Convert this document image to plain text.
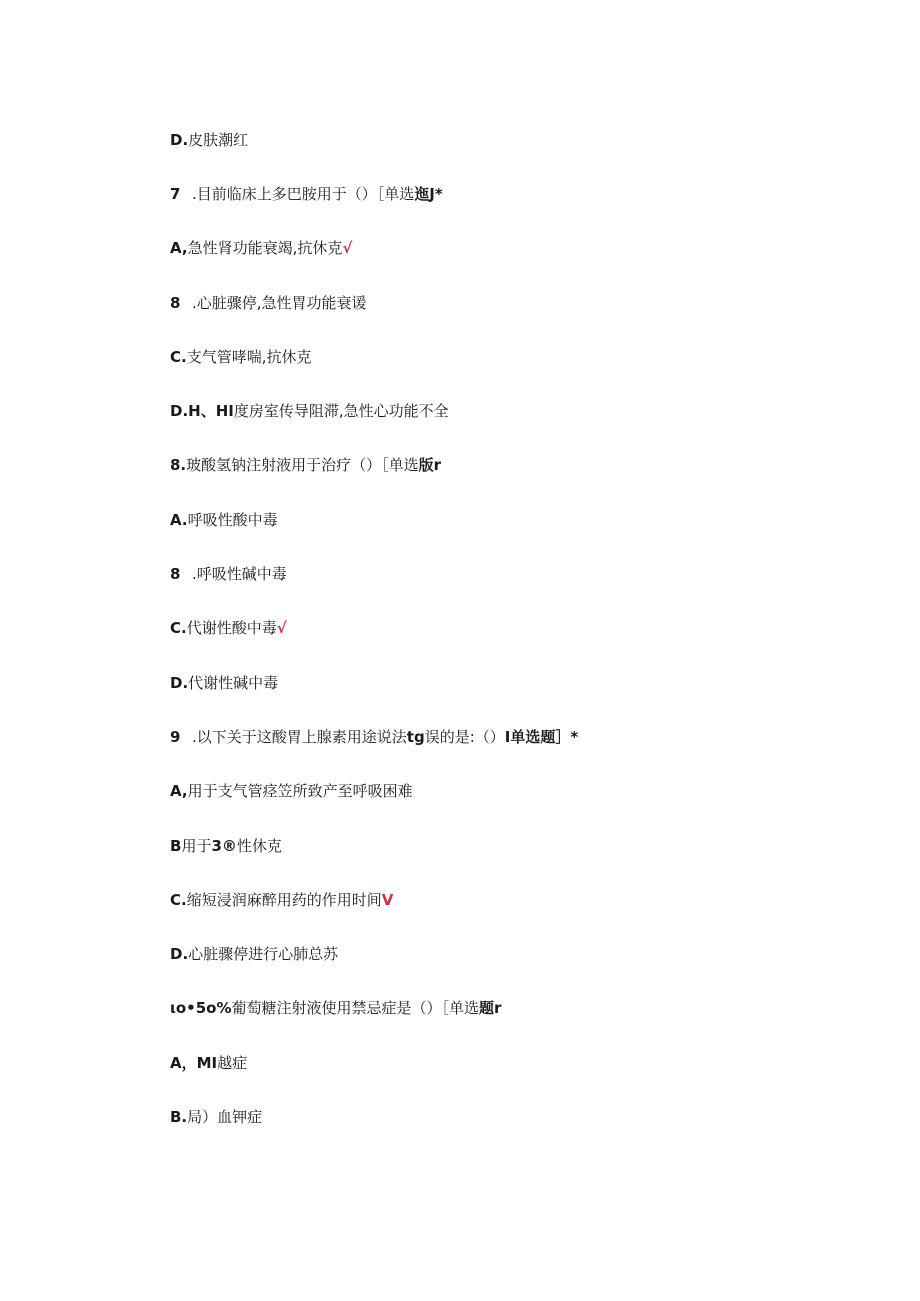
D.皮肤潮红
7 .目前临床上多巴胺用于（）［单选迤J*
A,急性肾功能衰竭,抗休克√
8 .心脏骤停,急性胃功能衰谖
C.支气管哮喘,抗休克
D.H、HI度房室传导阻滞,急性心功能不全
8.玻酸氢钠注射液用于治疗（）［单选版r
A.呼吸性酸中毒
8 .呼吸性碱中毒
C.代谢性酸中毒√
D.代谢性碱中毒
9 .以下关于这酸胃上腺素用途说法tg误的是:（）I单选题］*
A,用于支气管痉笠所致产至呼吸困难
B用于3®性休克
C.缩短浸润麻醉用药的作用时间V
D.心脏骤停进行心肺总苏
ιo•5o%葡萄糖注射液使用禁忌症是（）［单选题r
A，MI越症
B.局）血钾症
